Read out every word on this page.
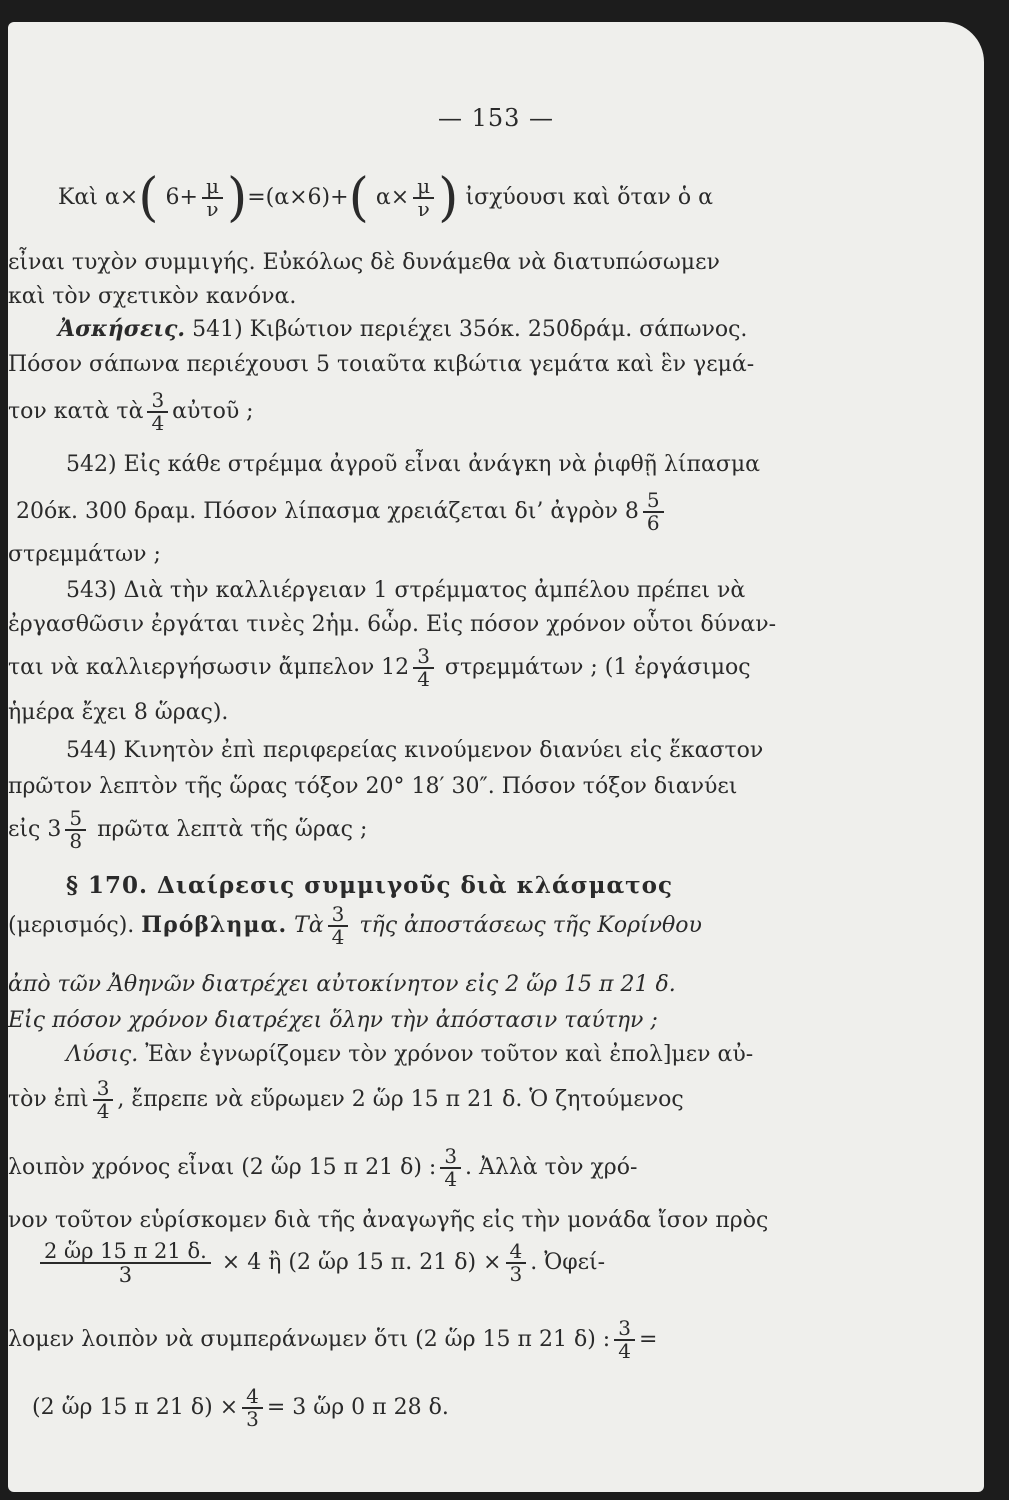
— 153 —
Καὶ α×( $6+ \frac{\mu}{\nu} )=(\alpha\times 6)+$( $\alpha\times \frac{\mu}{\nu}$ ) ἰσχύουσι καὶ ὅταν ὁ α
εἶναι τυχὸν συμμιγής. Εὐκόλως δὲ δυνάμεθα νὰ διατυπώσωμεν
καὶ τὸν σχετικὸν κανόνα.
Ἀσκήσεις. 541) Κιβώτιον περιέχει 35όκ. 250δράμ. σάπωνος.
Πόσον σάπωνα περιέχουσι 5 τοιαῦτα κιβώτια γεμάτα καὶ ἓν γεμά-
τον κατὰ τὰ $\frac{3}{4}$ αὐτοῦ ;
542) Εἰς κάθε στρέμμα ἀγροῦ εἶναι ἀνάγκη νὰ ῥιφθῇ λίπασμα
20όκ. 300 δραμ. Πόσον λίπασμα χρειάζεται δι’ ἀγρὸν $8 \frac{5}{6}$
στρεμμάτων ;
543) Διὰ τὴν καλλιέργειαν 1 στρέμματος ἀμπέλου πρέπει νὰ
ἐργασθῶσιν ἐργάται τινὲς 2ἡμ. 6ὧρ. Εἰς πόσον χρόνον οὗτοι δύναν-
ται νὰ καλλιεργήσωσιν ἄμπελον $12 \frac{3}{4}$ στρεμμάτων ; (1 ἐργάσιμος
ἡμέρα ἔχει 8 ὥρας).
544) Κινητὸν ἐπὶ περιφερείας κινούμενον διανύει εἰς ἕκαστον
πρῶτον λεπτὸν τῆς ὥρας τόξον 20° 18′ 30″. Πόσον τόξον διανύει
εἰς $3 \frac{5}{8}$ πρῶτα λεπτὰ τῆς ὥρας ;
§ 170. Διαίρεσις συμμιγοῦς διὰ κλάσματος
(μερισμός). Πρόβλημα. Τὰ $\frac{3}{4}$ τῆς ἀποστάσεως τῆς Κορίνθου
ἀπὸ τῶν Ἀθηνῶν διατρέχει αὐτοκίνητον εἰς 2 ὥρ 15 π 21 δ.
Εἰς πόσον χρόνον διατρέχει ὅλην τὴν ἀπόστασιν ταύτην ;
Λύσις. Ἐὰν ἐγνωρίζομεν τὸν χρόνον τοῦτον καὶ ἐπολ]μεν αὐ-
τὸν ἐπὶ $\frac{3}{4}$ , ἔπρεπε νὰ εὕρωμεν 2 ὥρ 15 π 21 δ. Ὁ ζητούμενος
λοιπὸν χρόνος εἶναι (2 ὥρ 15 π 21 δ) : $\frac{3}{4}$ . Ἀλλὰ τὸν χρό-
νον τοῦτον εὑρίσκομεν διὰ τῆς ἀναγωγῆς εἰς τὴν μονάδα ἴσον πρὸς
$\frac{\text{2 ὥρ 15 π 21 δ.}}{3} \times 4$ ἢ (2 ὥρ 15 π. 21 $\delta) \times \frac{4}{3}$ . Ὀφεί-
λομεν λοιπὸν νὰ συμπεράνωμεν ὅτι (2 ὥρ 15 π 21 δ) : $\frac{3}{4}$ =
(2 ὥρ 15 π 21 $\delta) \times \frac{4}{3} = 3$ ὥρ 0 π 28 δ.
